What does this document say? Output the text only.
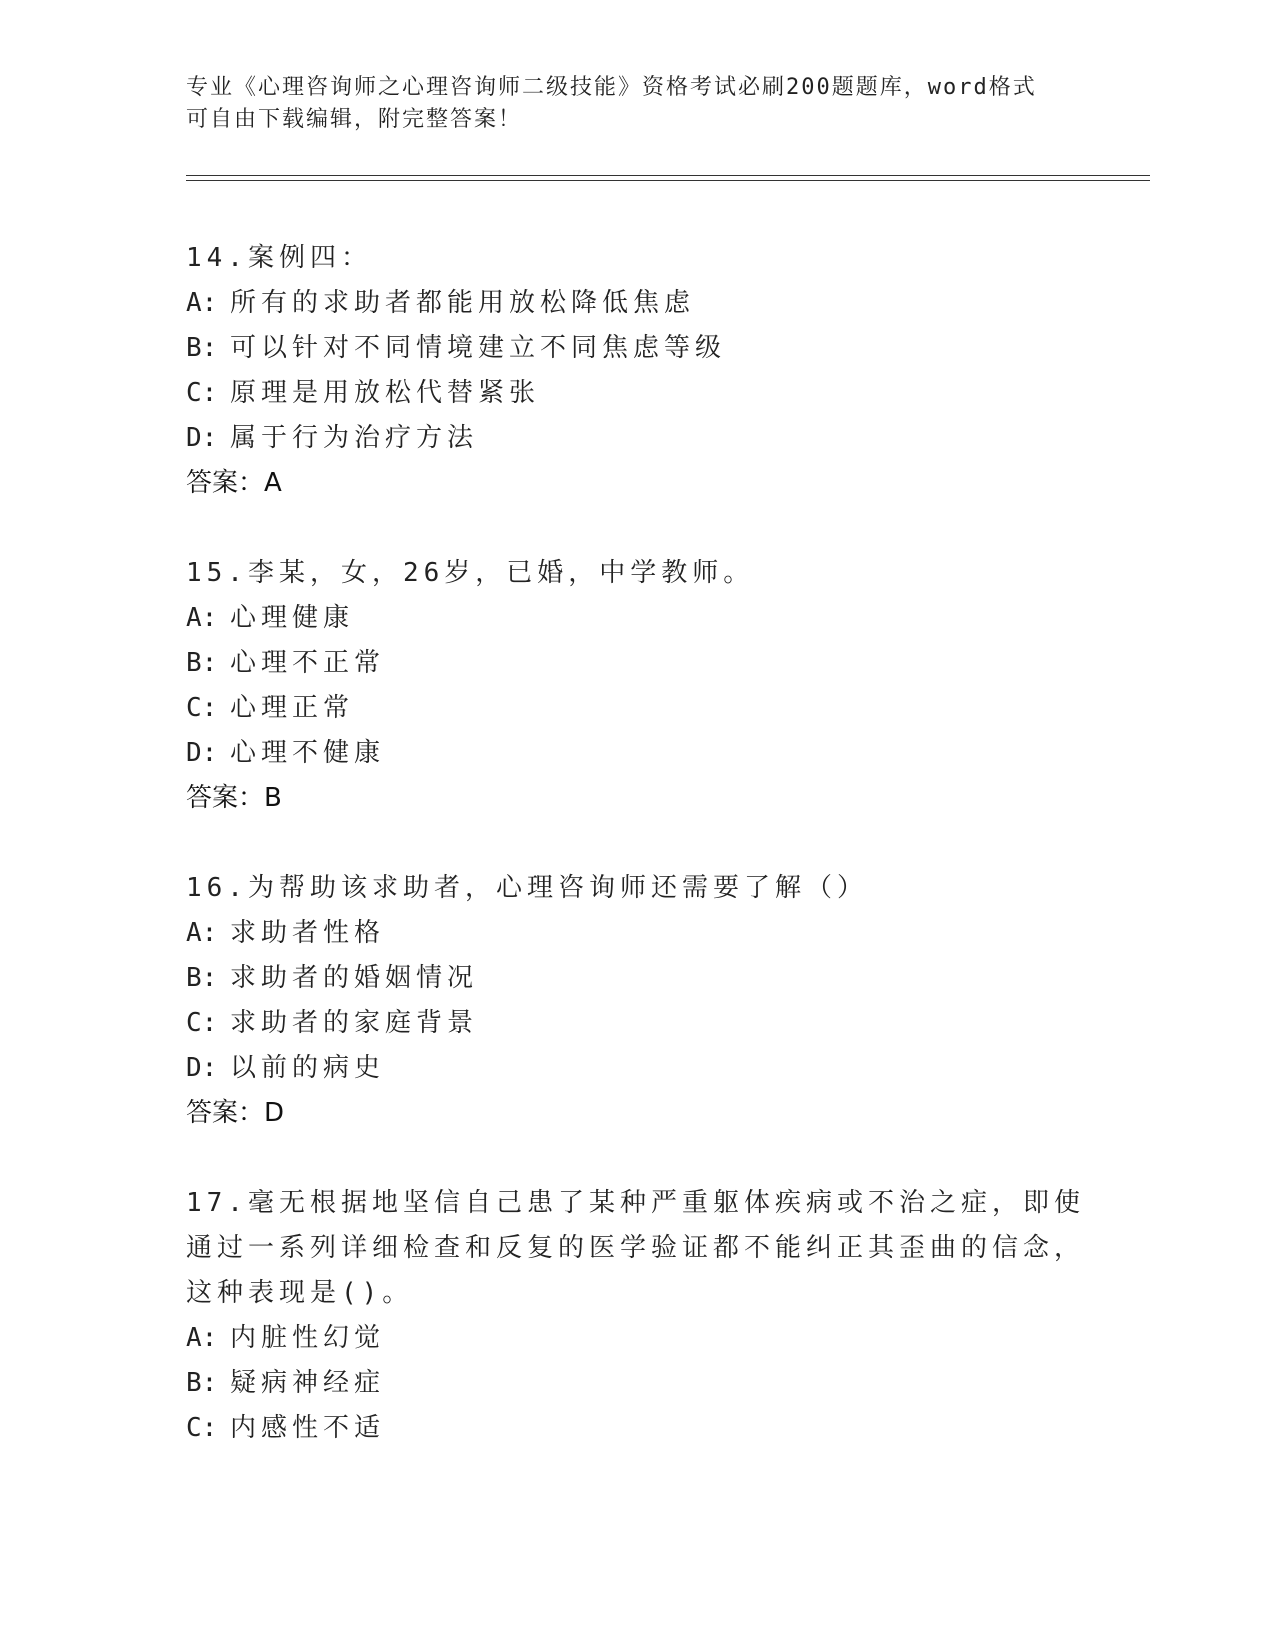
专业《心理咨询师之心理咨询师二级技能》资格考试必刷200题题库，word格式
可自由下载编辑，附完整答案！
14.案例四：
A: 所有的求助者都能用放松降低焦虑
B: 可以针对不同情境建立不同焦虑等级
C: 原理是用放松代替紧张
D: 属于行为治疗方法
答案：A
15.李某，女，26岁，已婚，中学教师。
A: 心理健康
B: 心理不正常
C: 心理正常
D: 心理不健康
答案：B
16.为帮助该求助者，心理咨询师还需要了解（）
A: 求助者性格
B: 求助者的婚姻情况
C: 求助者的家庭背景
D: 以前的病史
答案：D
17.毫无根据地坚信自己患了某种严重躯体疾病或不治之症，即使通过一系列详细检查和反复的医学验证都不能纠正其歪曲的信念，这种表现是()。
A: 内脏性幻觉
B: 疑病神经症
C: 内感性不适
